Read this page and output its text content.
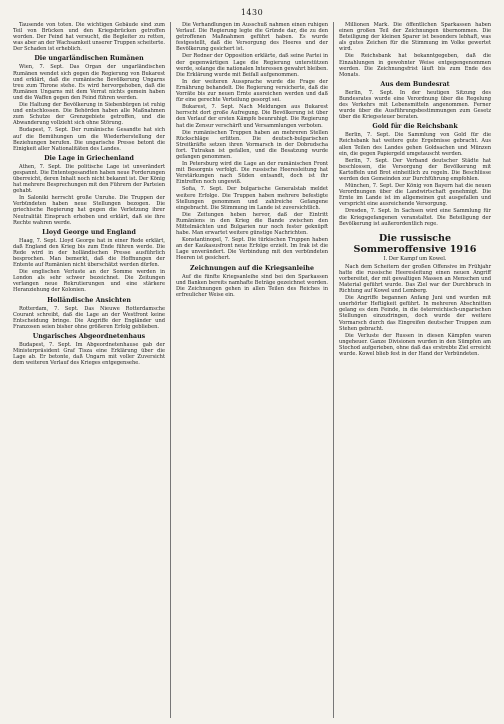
1430

Tausende von toten. Die wichtigen Gebäude sind zum Teil von Brücken und den Kriegsbrücken getroffen worden. Der Feind hat versucht, die Begleiter zu retten, was aber an der Wachsamkeit unserer Truppen scheiterte. Der Schaden ist erheblich.

Die ungarländischen Rumänen

Wien, 7. Sept. Das Organ der ungarländischen Rumänen wendet sich gegen die Regierung von Bukarest und erklärt, daß die rumänische Bevölkerung Ungarns treu zum Throne stehe. Es wird hervorgehoben, daß die Rumänen Ungarns mit dem Verrat nichts gemein haben und die Waffen gegen den Feind führen werden.

Die Haltung der Bevölkerung in Siebenbürgen ist ruhig und entschlossen. Die Behörden haben alle Maßnahmen zum Schutze der Grenzgebiete getroffen, und die Abwanderung vollzieht sich ohne Störung.

Budapest, 7. Sept. Der rumänische Gesandte hat sich auf die Bemühungen um die Wiederherstellung der Beziehungen berufen. Die ungarische Presse betont die Einigkeit aller Nationalitäten des Landes.

Die Lage in Griechenland

Athen, 7. Sept. Die politische Lage ist unverändert gespannt. Die Ententegesandten haben neue Forderungen überreicht, deren Inhalt noch nicht bekannt ist. Der König hat mehrere Besprechungen mit den Führern der Parteien gehabt.

In Saloniki herrscht große Unruhe. Die Truppen der Verbündeten haben neue Stellungen bezogen. Die griechische Regierung hat gegen die Verletzung ihrer Neutralität Einspruch erhoben und erklärt, daß sie ihre Rechte wahren werde.

Lloyd George und England

Haag, 7. Sept. Lloyd George hat in einer Rede erklärt, daß England den Krieg bis zum Ende führen werde. Die Rede wird in der holländischen Presse ausführlich besprochen. Man bemerkt, daß die Hoffnungen der Entente auf Rumänien nicht überschätzt werden dürfen.

Die englischen Verluste an der Somme werden in London als sehr schwer bezeichnet. Die Zeitungen verlangen neue Rekrutierungen und eine stärkere Heranziehung der Kolonien.

Holländische Ansichten

Rotterdam, 7. Sept. Das Nieuwe Rotterdamsche Courant schreibt, daß die Lage an der Westfront keine Entscheidung bringe. Die Angriffe der Engländer und Franzosen seien bisher ohne größeren Erfolg geblieben.

Ungarisches Abgeordnetenhaus

Budapest, 7. Sept. Im Abgeordnetenhause gab der Ministerpräsident Graf Tisza eine Erklärung über die Lage ab. Er betonte, daß Ungarn mit voller Zuversicht dem weiteren Verlauf des Krieges entgegensehe.

Die Verhandlungen im Ausschuß nahmen einen ruhigen Verlauf. Die Regierung legte die Gründe dar, die zu den getroffenen Maßnahmen geführt haben. Es wurde festgestellt, daß die Versorgung des Heeres und der Bevölkerung gesichert ist.

Der Redner der Opposition erklärte, daß seine Partei in der gegenwärtigen Lage die Regierung unterstützen werde, solange die nationalen Interessen gewahrt bleiben. Die Erklärung wurde mit Beifall aufgenommen.

In der weiteren Aussprache wurde die Frage der Ernährung behandelt. Die Regierung versicherte, daß die Vorräte bis zur neuen Ernte ausreichen werden und daß für eine gerechte Verteilung gesorgt sei.

Bukarest, 7. Sept. Nach Meldungen aus Bukarest herrscht dort große Aufregung. Die Bevölkerung ist über den Verlauf der ersten Kämpfe beunruhigt. Die Regierung hat die Zensur verschärft und Versammlungen verboten.

Die rumänischen Truppen haben an mehreren Stellen Rückschläge erlitten. Die deutsch-bulgarischen Streitkräfte setzen ihren Vormarsch in der Dobrudscha fort. Tutrakan ist gefallen, und die Besatzung wurde gefangen genommen.

In Petersburg wird die Lage an der rumänischen Front mit Besorgnis verfolgt. Die russische Heeresleitung hat Verstärkungen nach Süden entsandt, doch ist ihr Eintreffen noch ungewiß.

Sofia, 7. Sept. Der bulgarische Generalstab meldet weitere Erfolge. Die Truppen haben mehrere befestigte Stellungen genommen und zahlreiche Gefangene eingebracht. Die Stimmung im Lande ist zuversichtlich.

Die Zeitungen heben hervor, daß der Eintritt Rumäniens in den Krieg die Bande zwischen den Mittelmächten und Bulgarien nur noch fester geknüpft habe. Man erwartet weitere günstige Nachrichten.

Konstantinopel, 7. Sept. Die türkischen Truppen haben an der Kaukasusfront neue Erfolge erzielt. Im Irak ist die Lage unverändert. Die Verbindung mit den verbündeten Heeren ist gesichert.

Zeichnungen auf die Kriegsanleihe

Auf die fünfte Kriegsanleihe sind bei den Sparkassen und Banken bereits namhafte Beträge gezeichnet worden. Die Zeichnungen gehen in allen Teilen des Reiches in erfreulicher Weise ein.

Millionen Mark. Die öffentlichen Sparkassen haben einen großen Teil der Zeichnungen übernommen. Die Beteiligung der kleinen Sparer ist besonders lebhaft, was als gutes Zeichen für die Stimmung im Volke gewertet wird.

Die Reichsbank hat bekanntgegeben, daß die Einzahlungen in gewohnter Weise entgegengenommen werden. Die Zeichnungsfrist läuft bis zum Ende des Monats.

Aus dem Bundesrat

Berlin, 7. Sept. In der heutigen Sitzung des Bundesrates wurde eine Verordnung über die Regelung des Verkehrs mit Lebensmitteln angenommen. Ferner wurde über die Ausführungsbestimmungen zum Gesetz über die Kriegssteuer beraten.

Gold für die Reichsbank

Berlin, 7. Sept. Die Sammlung von Gold für die Reichsbank hat weitere gute Ergebnisse gebracht. Aus allen Teilen des Landes gehen Goldsachen und Münzen ein, die gegen Papiergeld umgetauscht werden.

Berlin, 7. Sept. Der Verband deutscher Städte hat beschlossen, die Versorgung der Bevölkerung mit Kartoffeln und Brot einheitlich zu regeln. Die Beschlüsse werden den Gemeinden zur Durchführung empfohlen.

München, 7. Sept. Der König von Bayern hat die neuen Verordnungen über die Landwirtschaft genehmigt. Die Ernte im Lande ist im allgemeinen gut ausgefallen und verspricht eine ausreichende Versorgung.

Dresden, 7. Sept. In Sachsen wird eine Sammlung für die Kriegsgefangenen veranstaltet. Die Beteiligung der Bevölkerung ist außerordentlich rege.

Die russische Sommeroffensive 1916
I. Der Kampf um Kowel.

Nach dem Scheitern der großen Offensive im Frühjahr hatte die russische Heeresleitung einen neuen Angriff vorbereitet, der mit gewaltigen Massen an Menschen und Material geführt wurde. Das Ziel war der Durchbruch in Richtung auf Kowel und Lemberg.

Die Angriffe begannen Anfang Juni und wurden mit unerhörter Heftigkeit geführt. In mehreren Abschnitten gelang es dem Feinde, in die österreichisch-ungarischen Stellungen einzudringen, doch wurde der weitere Vormarsch durch das Eingreifen deutscher Truppen zum Stehen gebracht.

Die Verluste der Russen in diesen Kämpfen waren ungeheuer. Ganze Divisionen wurden in den Sümpfen am Stochod aufgerieben, ohne daß das erstrebte Ziel erreicht wurde. Kowel blieb fest in der Hand der Verbündeten.
